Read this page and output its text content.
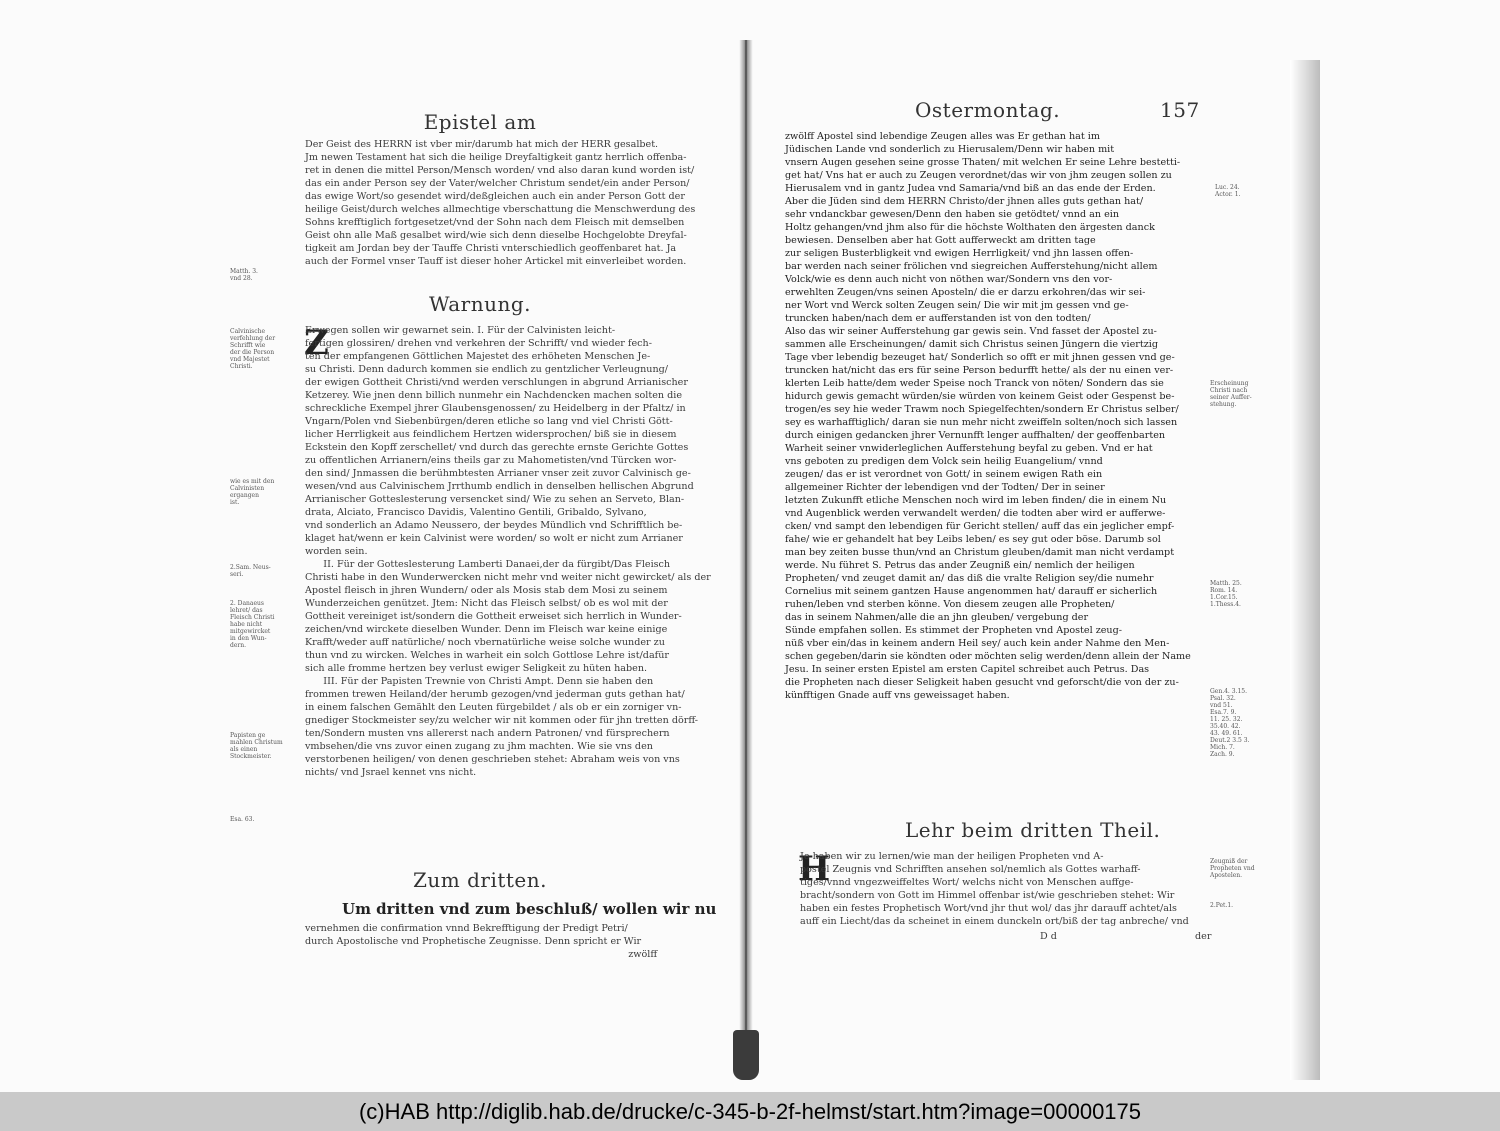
Epistel am
Der Geist des HERRN ist vber mir/darumb hat mich der HERR gesalbet.
Jm newen Testament hat sich die heilige Dreyfaltigkeit gantz herrlich offenba-
ret in denen die mittel Person/Mensch worden/ vnd also daran kund worden ist/
das ein ander Person sey der Vater/welcher Christum sendet/ein ander Person/
das ewige Wort/so gesendet wird/deßgleichen auch ein ander Person Gott der
heilige Geist/durch welches allmechtige vberschattung die Menschwerdung des
Sohns krefftiglich fortgesetzet/vnd der Sohn nach dem Fleisch mit demselben
Geist ohn alle Maß gesalbet wird/wie sich denn dieselbe Hochgelobte Dreyfal-
tigkeit am Jordan bey der Tauffe Christi vnterschiedlich geoffenbaret hat. Ja
auch der Formel vnser Tauff ist dieser hoher Artickel mit einverleibet worden.
Matth. 3.
vnd 28.
Warnung.
Z
Erwegen sollen wir gewarnet sein. I. Für der Calvinisten leicht-
fertigen glossiren/ drehen vnd verkehren der Schrifft/ vnd wieder fech-
ten der empfangenen Göttlichen Majestet des erhöheten Menschen Je-
su Christi. Denn dadurch kommen sie endlich zu gentzlicher Verleugnung/
der ewigen Gottheit Christi/vnd werden verschlungen in abgrund Arrianischer
Ketzerey. Wie jnen denn billich nunmehr ein Nachdencken machen solten die
schreckliche Exempel jhrer Glaubensgenossen/ zu Heidelberg in der Pfaltz/ in
Vngarn/Polen vnd Siebenbürgen/deren etliche so lang vnd viel Christi Gött-
licher Herrligkeit aus feindlichem Hertzen widersprochen/ biß sie in diesem
Eckstein den Kopff zerschellet/ vnd durch das gerechte ernste Gerichte Gottes
zu offentlichen Arrianern/eins theils gar zu Mahometisten/vnd Türcken wor-
den sind/ Jnmassen die berühmbtesten Arrianer vnser zeit zuvor Calvinisch ge-
wesen/vnd aus Calvinischem Jrrthumb endlich in denselben hellischen Abgrund
Arrianischer Gotteslesterung versencket sind/ Wie zu sehen an Serveto, Blan-
drata, Alciato, Francisco Davidis, Valentino Gentili, Gribaldo, Sylvano,
vnd sonderlich an Adamo Neussero, der beydes Mündlich vnd Schrifftlich be-
klaget hat/wenn er kein Calvinist were worden/ so wolt er nicht zum Arrianer
worden sein.
II. Für der Gotteslesterung Lamberti Danaei,der da fürgibt/Das Fleisch
Christi habe in den Wunderwercken nicht mehr vnd weiter nicht gewircket/ als der
Apostel fleisch in jhren Wundern/ oder als Mosis stab dem Mosi zu seinem
Wunderzeichen genützet. Jtem: Nicht das Fleisch selbst/ ob es wol mit der
Gottheit vereiniget ist/sondern die Gottheit erweiset sich herrlich in Wunder-
zeichen/vnd wirckete dieselben Wunder. Denn im Fleisch war keine einige
Krafft/weder auff natürliche/ noch vbernatürliche weise solche wunder zu
thun vnd zu wircken. Welches in warheit ein solch Gottlose Lehre ist/dafür
sich alle fromme hertzen bey verlust ewiger Seligkeit zu hüten haben.
III. Für der Papisten Trewnie von Christi Ampt. Denn sie haben den
frommen trewen Heiland/der herumb gezogen/vnd jederman guts gethan hat/
in einem falschen Gemählt den Leuten fürgebildet / als ob er ein zorniger vn-
gnediger Stockmeister sey/zu welcher wir nit kommen oder für jhn tretten dörff-
ten/Sondern musten vns allererst nach andern Patronen/ vnd fürsprechern
vmbsehen/die vns zuvor einen zugang zu jhm machten. Wie sie vns den
verstorbenen heiligen/ von denen geschrieben stehet: Abraham weis von vns
nichts/ vnd Jsrael kennet vns nicht.
Calvinische
verfehlung der
Schrifft wie
der die Person
vnd Majestet
Christi.
wie es mit den
Calvinisten
ergangen
ist.
2.Sam. Neus-
seri.
2. Danaeus
lehret/ das
Fleisch Christi
habe nicht
mitgewircket
in den Wun-
dern.
Papisten ge
mahlen Christum
als einen
Stockmeister.
Esa. 63.
Zum dritten.
Um dritten vnd zum beschluß/ wollen wir nu
vernehmen die confirmation vnnd Bekrefftigung der Predigt Petri/
durch Apostolische vnd Prophetische Zeugnisse. Denn spricht er Wir
zwölff
Ostermontag.	157
zwölff Apostel sind lebendige Zeugen alles was Er gethan hat im
Jüdischen Lande vnd sonderlich zu Hierusalem/Denn wir haben mit
vnsern Augen gesehen seine grosse Thaten/ mit welchen Er seine Lehre bestetti-
get hat/ Vns hat er auch zu Zeugen verordnet/das wir von jhm zeugen sollen zu
Hierusalem vnd in gantz Judea vnd Samaria/vnd biß an das ende der Erden.
Aber die Jüden sind dem HERRN Christo/der jhnen alles guts gethan hat/
sehr vndanckbar gewesen/Denn den haben sie getödtet/ vnnd an ein
Holtz gehangen/vnd jhm also für die höchste Wolthaten den ärgesten danck
bewiesen. Denselben aber hat Gott aufferweckt am dritten tage
zur seligen Busterbligkeit vnd ewigen Herrligkeit/ vnd jhn lassen offen-
bar werden nach seiner frölichen vnd siegreichen Aufferstehung/nicht allem
Volck/wie es denn auch nicht von nöthen war/Sondern vns den vor-
erwehlten Zeugen/vns seinen Aposteln/ die er darzu erkohren/das wir sei-
ner Wort vnd Werck solten Zeugen sein/ Die wir mit jm gessen vnd ge-
truncken haben/nach dem er aufferstanden ist von den todten/
Also das wir seiner Aufferstehung gar gewis sein. Vnd fasset der Apostel zu-
sammen alle Erscheinungen/ damit sich Christus seinen Jüngern die viertzig
Tage vber lebendig bezeuget hat/ Sonderlich so offt er mit jhnen gessen vnd ge-
truncken hat/nicht das ers für seine Person bedurfft hette/ als der nu einen ver-
klerten Leib hatte/dem weder Speise noch Tranck von nöten/ Sondern das sie
hidurch gewis gemacht würden/sie würden von keinem Geist oder Gespenst be-
trogen/es sey hie weder Trawm noch Spiegelfechten/sondern Er Christus selber/
sey es warhafftiglich/ daran sie nun mehr nicht zweiffeln solten/noch sich lassen
durch einigen gedancken jhrer Vernunfft lenger auffhalten/ der geoffenbarten
Warheit seiner vnwiderleglichen Aufferstehung beyfal zu geben. Vnd er hat
vns geboten zu predigen dem Volck sein heilig Euangelium/ vnnd
zeugen/ das er ist verordnet von Gott/ in seinem ewigen Rath ein
allgemeiner Richter der lebendigen vnd der Todten/ Der in seiner
letzten Zukunfft etliche Menschen noch wird im leben finden/ die in einem Nu
vnd Augenblick werden verwandelt werden/ die todten aber wird er aufferwe-
cken/ vnd sampt den lebendigen für Gericht stellen/ auff das ein jeglicher empf-
fahe/ wie er gehandelt hat bey Leibs leben/ es sey gut oder böse. Darumb sol
man bey zeiten busse thun/vnd an Christum gleuben/damit man nicht verdampt
werde. Nu führet S. Petrus das ander Zeugniß ein/ nemlich der heiligen
Propheten/ vnd zeuget damit an/ das diß die vralte Religion sey/die numehr
Cornelius mit seinem gantzen Hause angenommen hat/ darauff er sicherlich
ruhen/leben vnd sterben könne. Von diesem zeugen alle Propheten/
das in seinem Nahmen/alle die an jhn gleuben/ vergebung der
Sünde empfahen sollen. Es stimmet der Propheten vnd Apostel zeug-
nüß vber ein/das in keinem andern Heil sey/ auch kein ander Nahme den Men-
schen gegeben/darin sie köndten oder möchten selig werden/denn allein der Name
Jesu. In seiner ersten Epistel am ersten Capitel schreibet auch Petrus. Das
die Propheten nach dieser Seligkeit haben gesucht vnd geforscht/die von der zu-
künfftigen Gnade auff vns geweissaget haben.
Luc. 24.
Actor. 1.
Erscheinung
Christi nach
seiner Auffer-
stehung.
Matth. 25.
Rom. 14.
1.Cor.15.
1.Thess.4.
Gen.4. 3.15.
Psal. 32.
vnd 51.
Esa.7. 9.
11. 25. 32.
35.40. 42.
43. 49. 61.
Deut.2 3.5 3.
Mich. 7.
Zach. 9.
Lehr beim dritten Theil.
H
Je haben wir zu lernen/wie man der heiligen Propheten vnd A-
postel Zeugnis vnd Schrifften ansehen sol/nemlich als Gottes warhaff-
tiges/vnnd vngezweiffeltes Wort/ welchs nicht von Menschen auffge-
bracht/sondern von Gott im Himmel offenbar ist/wie geschrieben stehet: Wir
haben ein festes Prophetisch Wort/vnd jhr thut wol/ das jhr darauff achtet/als
auff ein Liecht/das da scheinet in einem dunckeln ort/biß der tag anbreche/ vnd
Zeugniß der
Propheten vnd
Apostelen.
2.Pet.1.
D d	der
(c)HAB http://diglib.hab.de/drucke/c-345-b-2f-helmst/start.htm?image=00000175
